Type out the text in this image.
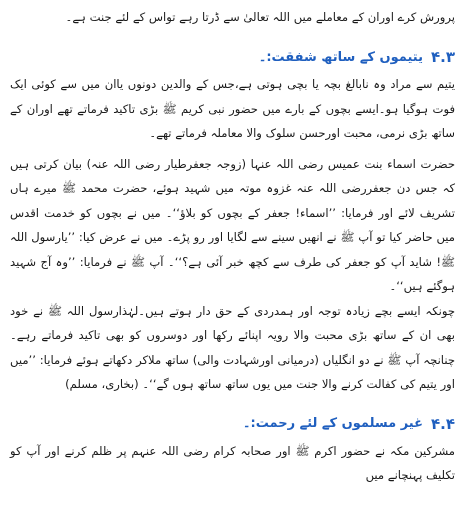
پرورش کرے اوران کے معاملے میں اللہ تعالیٰ سے ڈرتا رہے تواس کے لئے جنت ہے۔

۴.۳
یتیموں کے ساتھ شفقت:۔

یتیم سے مراد وہ نابالغ بچہ یا بچی ہوتی ہے،جس کے والدین دونوں یاان میں سے کوئی ایک فوت ہوگیا ہو۔ایسے بچوں کے بارے میں حضور نبی کریم ﷺ بڑی تاکید فرماتے تھے اوران کے ساتھ بڑی نرمی، محبت اورحسن سلوک والا معاملہ فرماتے تھے۔

حضرت اسماء بنت عمیس رضی اللہ عنہا (زوجہ جعفرطیار رضی اللہ عنہ) بیان کرتی ہیں کہ جس دن جعفررضی اللہ عنہ غزوہ موتہ میں شہید ہوئے، حضرت محمد ﷺ میرے ہاں تشریف لائے اور فرمایا: ’’اسماء! جعفر کے بچوں کو بلاؤ‘‘۔ میں نے بچوں کو خدمت اقدس میں حاضر کیا تو آپ ﷺ نے انھیں سینے سے لگایا اور رو پڑے۔ میں نے عرض کیا: ’’یارسول اللہ ﷺ! شاید آپ کو جعفر کی طرف سے کچھ خبر آئی ہے؟‘‘۔ آپ ﷺ نے فرمایا: ’’وہ آج شہید ہوگئے ہیں‘‘۔

چونکہ ایسے بچے زیادہ توجہ اور ہمدردی کے حق دار ہوتے ہیں۔لہٰذارسول اللہ ﷺ نے خود بھی ان کے ساتھ بڑی محبت والا رویہ اپنائے رکھا اور دوسروں کو بھی تاکید فرماتے رہے۔ چنانچہ آپ ﷺ نے دو انگلیاں (درمیانی اورشہادت والی) ساتھ ملاکر دکھاتے ہوئے فرمایا: ’’میں اور یتیم کی کفالت کرنے والا جنت میں یوں ساتھ ساتھ ہوں گے‘‘۔ (بخاری، مسلم)

۴.۴
غیر مسلموں کے لئے رحمت:۔

مشرکین مکہ نے حضور اکرم ﷺ اور صحابہ کرام رضی اللہ عنہم پر ظلم کرنے اور آپ کو تکلیف پہنچانے میں
